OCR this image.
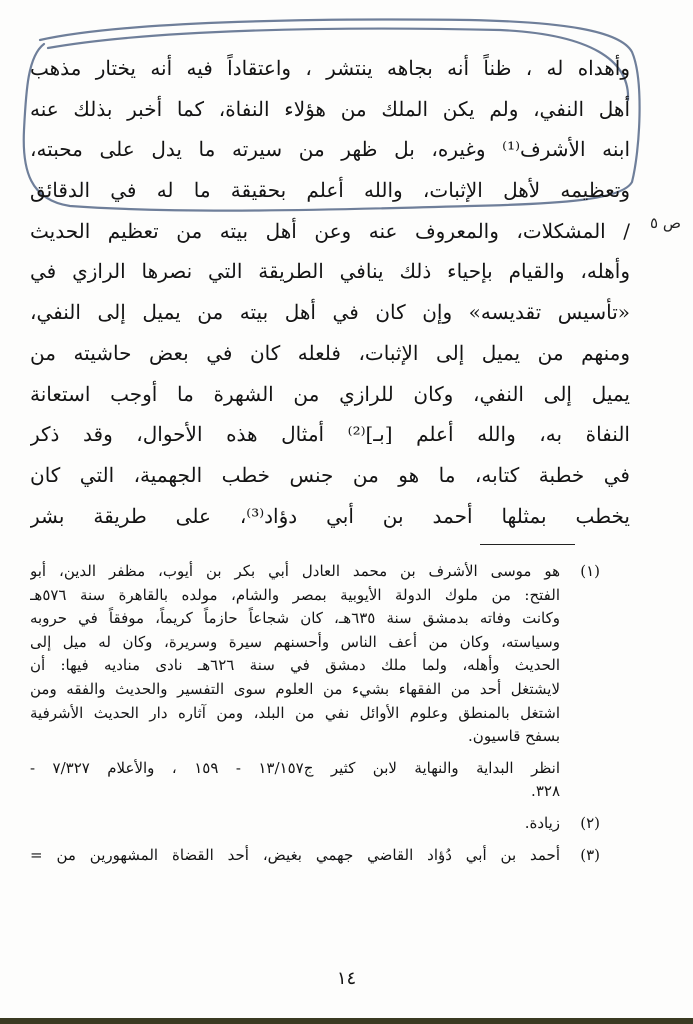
وأهداه له ، ظناً أنه بجاهه ينتشر ، واعتقاداً فيه أنه يختار مذهب
أهل النفي، ولم يكن الملك من هؤلاء النفاة، كما أخبر بذلك عنه
ابنه الأشرف⁽¹⁾ وغيره، بل ظهر من سيرته ما يدل على محبته،
وتعظيمه لأهل الإثبات، والله أعلم بحقيقة ما له في الدقائق
/ المشكلات، والمعروف عنه وعن أهل بيته من تعظيم الحديث
وأهله، والقيام بإحياء ذلك ينافي الطريقة التي نصرها الرازي في
«تأسيس تقديسه» وإن كان في أهل بيته من يميل إلى النفي،
ومنهم من يميل إلى الإثبات، فلعله كان في بعض حاشيته من
يميل إلى النفي، وكان للرازي من الشهرة ما أوجب استعانة
النفاة به، والله أعلم [ب‍ـ]⁽²⁾ أمثال هذه الأحوال، وقد ذكر
في خطبة كتابه، ما هو من جنس خطب الجهمية، التي كان
يخطب بمثلها أحمد بن أبي دؤاد⁽³⁾، على طريقة بشر
ص ٥
(١)
هو موسى الأشرف بن محمد العادل أبي بكر بن أيوب، مظفر الدين، أبو
الفتح: من ملوك الدولة الأيوبية بمصر والشام، مولده بالقاهرة سنة ٥٧٦هـ
وكانت وفاته بدمشق سنة ٦٣٥هـ، كان شجاعاً حازماً كريماً، موفقاً في حروبه
وسياسته، وكان من أعف الناس وأحسنهم سيرة وسريرة، وكان له ميل إلى
الحديث وأهله، ولما ملك دمشق في سنة ٦٢٦هـ نادى مناديه فيها: أن
لايشتغل أحد من الفقهاء بشيء من العلوم سوى التفسير والحديث والفقه ومن
اشتغل بالمنطق وعلوم الأوائل نفي من البلد، ومن آثاره دار الحديث الأشرفية
بسفح قاسيون.
انظر البداية والنهاية لابن كثير ج١٣/١٥٧ - ١٥٩ ، والأعلام ٧/٣٢٧ -
٣٢٨.
(٢)
زيادة.
(٣)
أحمد بن أبي دُؤاد القاضي جهمي بغيض، أحد القضاة المشهورين من =
١٤
